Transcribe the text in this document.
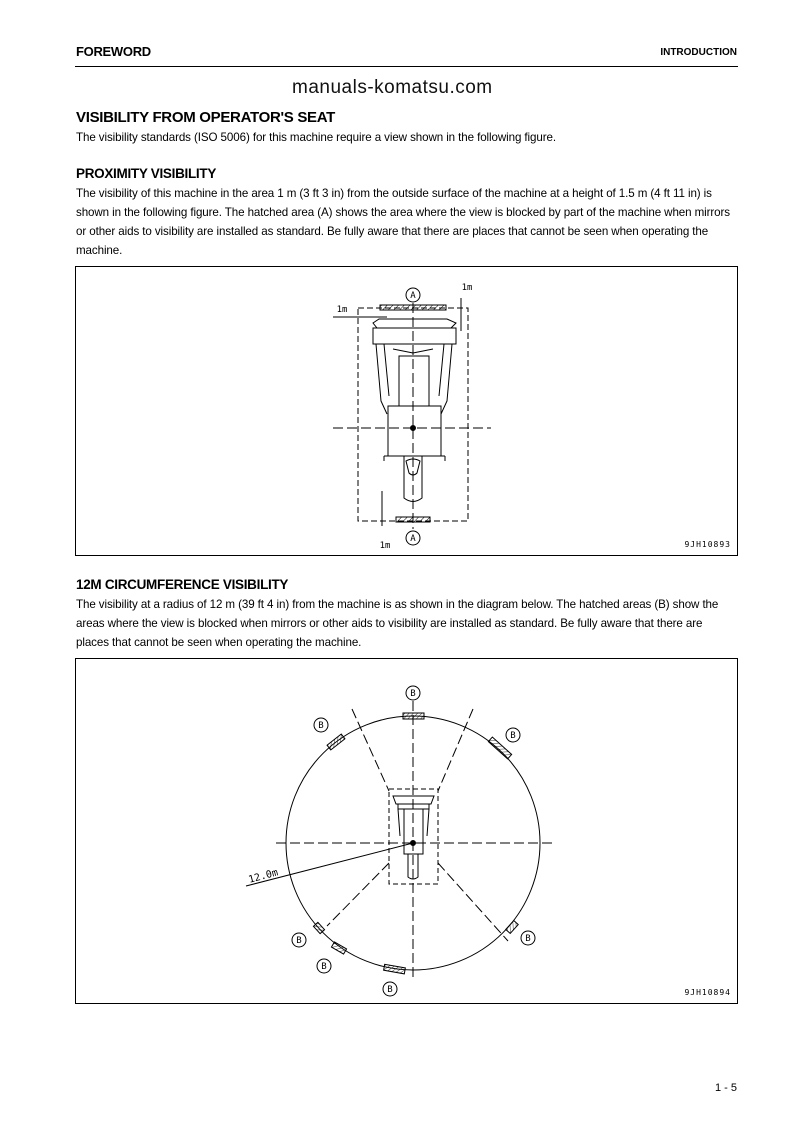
FOREWORD	INTRODUCTION
manuals-komatsu.com
VISIBILITY FROM OPERATOR'S SEAT
The visibility standards (ISO 5006) for this machine require a view shown in the following figure.
PROXIMITY VISIBILITY
The visibility of this machine in the area 1 m (3 ft 3 in) from the outside surface of the machine at a height of 1.5 m (4 ft 11 in) is shown in the following figure. The hatched area (A) shows the area where the view is blocked by part of the machine when mirrors or other aids to visibility are installed as standard. Be fully aware that there are places that cannot be seen when operating the machine.
A
A
1m
1m
1m	9JH10893
12M CIRCUMFERENCE VISIBILITY
The visibility at a radius of 12 m (39 ft 4 in) from the machine is as shown in the diagram below. The hatched areas (B) show the areas where the view is blocked when mirrors or other aids to visibility are installed as standard. Be fully aware that there are places that cannot be seen when operating the machine.
B
B
B
B
B
B
B
12.0m
9JH10894
1 - 5
